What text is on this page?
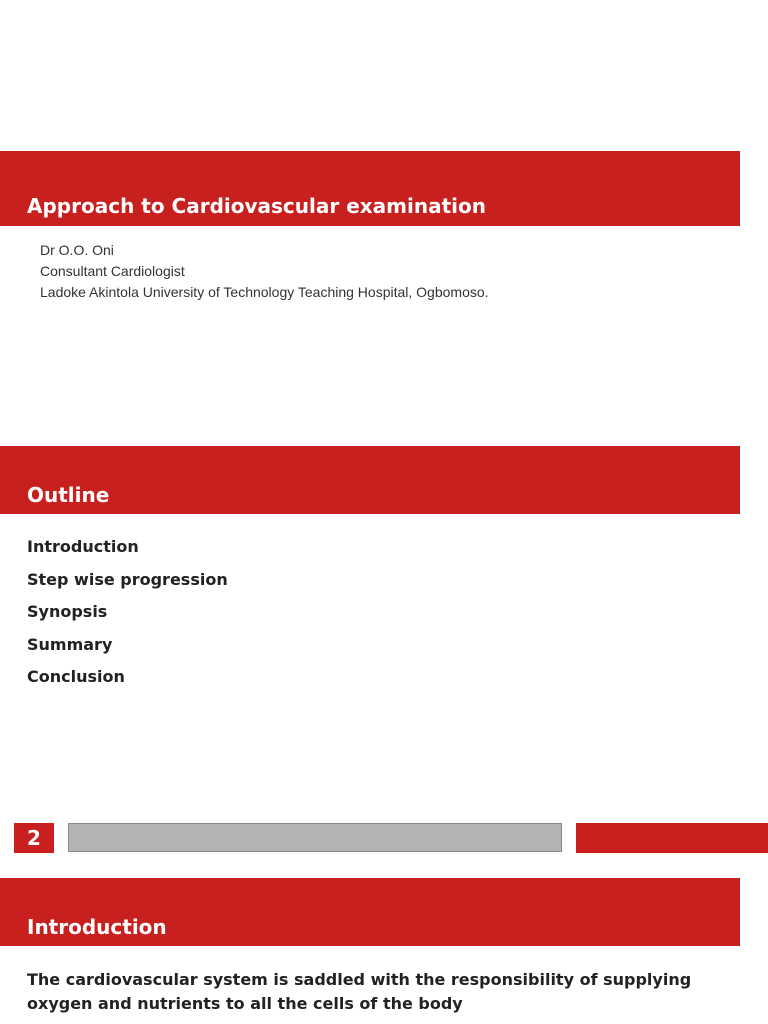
Approach to Cardiovascular examination
Dr O.O. Oni
Consultant Cardiologist
Ladoke Akintola University of Technology Teaching Hospital, Ogbomoso.
Outline
Introduction
Step wise progression
Synopsis
Summary
Conclusion
2
Introduction
The cardiovascular system is saddled with the responsibility of supplying oxygen and nutrients to all the cells of the body
